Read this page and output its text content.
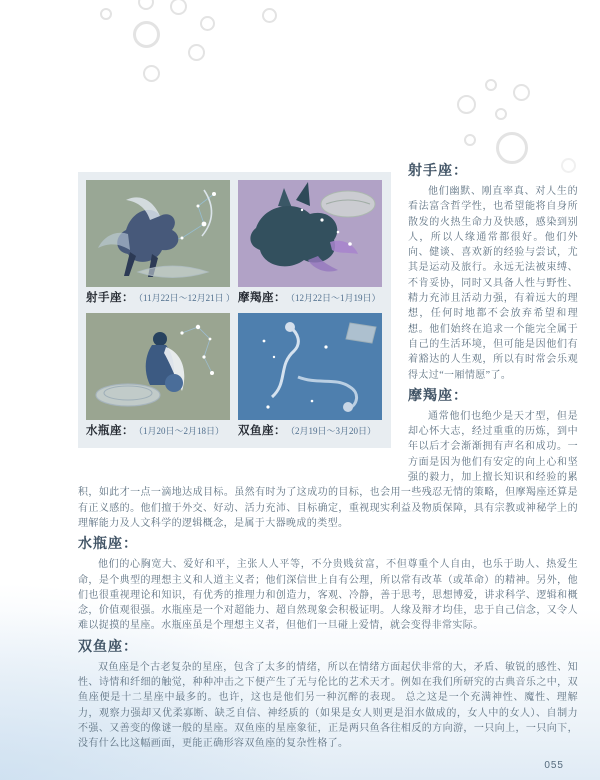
射手座： （11月22日～12月21日 ） 摩羯座： （12月22日～1月19日）
水瓶座： （1月20日～2月18日） 双鱼座： （2月19日～3月20日）
射手座：

他们幽默、刚直率真、对人生的看法富含哲学性，也希望能将自身所散发的火热生命力及快感，感染到别人，所以人缘通常都很好。他们外向、健谈、喜欢新的经验与尝试，尤其是运动及旅行。永远无法被束缚、不肯妥协，同时又具备人性与野性、精力充沛且活动力强，有着远大的理想，任何时地都不会放弃希望和理想。他们始终在追求一个能完全属于自己的生活环境，但可能是因他们有着豁达的人生观，所以有时常会乐观得太过“一厢情愿”了。

摩羯座：

通常他们也绝少是天才型，但是却心怀大志，经过重重的历炼，到中年以后才会渐渐拥有声名和成功。一方面是因为他们有安定的向上心和坚强的毅力，加上擅长知识和经验的累积，如此才一点一滴地达成目标。虽然有时为了这成功的目标，也会用一些残忍无情的策略，但摩羯座还算是有正义感的。他们擅于外交、好动、活力充沛、目标确定，重视现实利益及物质保障，具有宗教或神秘学上的理解能力及人文科学的逻辑概念，是属于大器晚成的类型。

水瓶座：

他们的心胸宽大、爱好和平，主张人人平等，不分贵贱贫富，不但尊重个人自由，也乐于助人、热爱生命，是个典型的理想主义和人道主义者；他们深信世上自有公理，所以常有改革（或革命）的精神。另外，他们也很重视理论和知识，有优秀的推理力和创造力，客观、冷静，善于思考，思想博爱，讲求科学、逻辑和概念，价值观很强。水瓶座是一个对超能力、超自然现象会积极证明。人缘及辩才均佳，忠于自己信念，又令人难以捉摸的星座。水瓶座虽是个理想主义者，但他们一旦碰上爱情，就会变得非常实际。

双鱼座：

双鱼座是个古老复杂的星座，包含了太多的情绪，所以在情绪方面起伏非常的大，矛盾、敏锐的感性、知性、诗情和纤细的触觉，种种冲击之下便产生了无与伦比的艺术天才。例如在我们所研究的古典音乐之中，双鱼座便是十二星座中最多的。也许，这也是他们另一种沉醉的表现。 总之这是一个充满神性、魔性、理解力，观察力强却又优柔寡断、缺乏自信、神经质的（如果是女人则更是泪水做成的，女人中的女人）、自制力不强、又善变的像谜一般的星座。双鱼座的星座象征，正是两只鱼各往相反的方向游，一只向上，一只向下，没有什么比这幅画面，更能正确形容双鱼座的复杂性格了。

055
